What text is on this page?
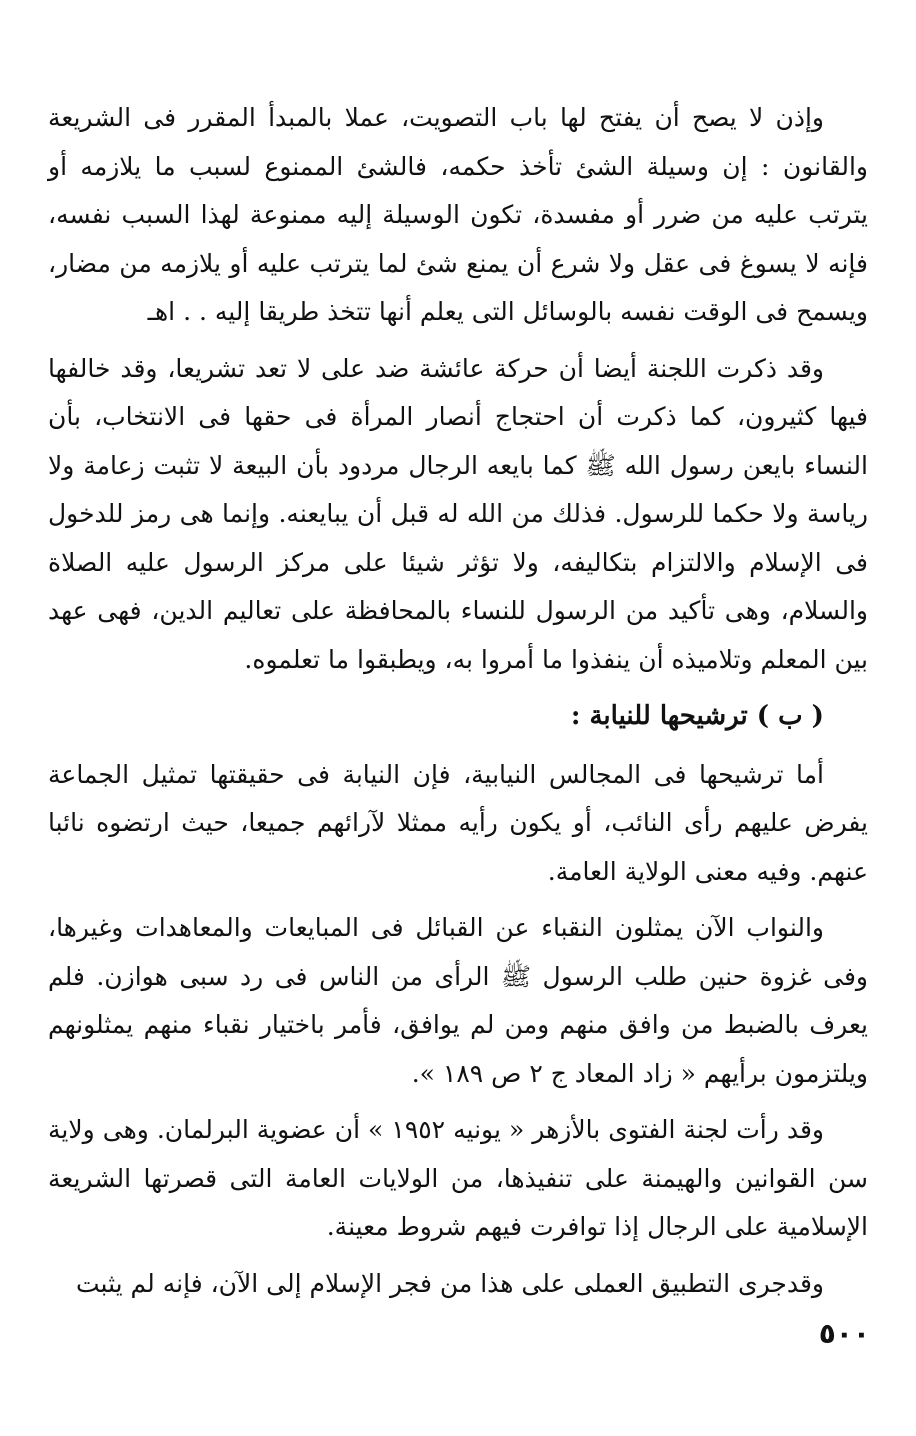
وإذن لا يصح أن يفتح لها باب التصويت، عملا بالمبدأ المقرر فى الشريعة والقانون : إن وسيلة الشئ تأخذ حكمه، فالشئ الممنوع لسبب ما يلازمه أو يترتب عليه من ضرر أو مفسدة، تكون الوسيلة إليه ممنوعة لهذا السبب نفسه، فإنه لا يسوغ فى عقل ولا شرع أن يمنع شئ لما يترتب عليه أو يلازمه من مضار، ويسمح فى الوقت نفسه بالوسائل التى يعلم أنها تتخذ طريقا إليه . . اهـ

وقد ذكرت اللجنة أيضا أن حركة عائشة ضد على لا تعد تشريعا، وقد خالفها فيها كثيرون، كما ذكرت أن احتجاج أنصار المرأة فى حقها فى الانتخاب، بأن النساء بايعن رسول الله ﷺ كما بايعه الرجال مردود بأن البيعة لا تثبت زعامة ولا رياسة ولا حكما للرسول. فذلك من الله له قبل أن يبايعنه. وإنما هى رمز للدخول فى الإسلام والالتزام بتكاليفه، ولا تؤثر شيئا على مركز الرسول عليه الصلاة والسلام، وهى تأكيد من الرسول للنساء بالمحافظة على تعاليم الدين، فهى عهد بين المعلم وتلاميذه أن ينفذوا ما أمروا به، ويطبقوا ما تعلموه.

( ب ) ترشيحها للنيابة :

أما ترشيحها فى المجالس النيابية، فإن النيابة فى حقيقتها تمثيل الجماعة يفرض عليهم رأى النائب، أو يكون رأيه ممثلا لآرائهم جميعا، حيث ارتضوه نائبا عنهم. وفيه معنى الولاية العامة.

والنواب الآن يمثلون النقباء عن القبائل فى المبايعات والمعاهدات وغيرها، وفى غزوة حنين طلب الرسول ﷺ الرأى من الناس فى رد سبى هوازن. فلم يعرف بالضبط من وافق منهم ومن لم يوافق، فأمر باختيار نقباء منهم يمثلونهم ويلتزمون برأيهم « زاد المعاد ج ٢ ص ١٨٩ ».

وقد رأت لجنة الفتوى بالأزهر « يونيه ١٩٥٢ » أن عضوية البرلمان. وهى ولاية سن القوانين والهيمنة على تنفيذها، من الولايات العامة التى قصرتها الشريعة الإسلامية على الرجال إذا توافرت فيهم شروط معينة.

وقدجرى التطبيق العملى على هذا من فجر الإسلام إلى الآن، فإنه لم يثبت

٥٠٠
